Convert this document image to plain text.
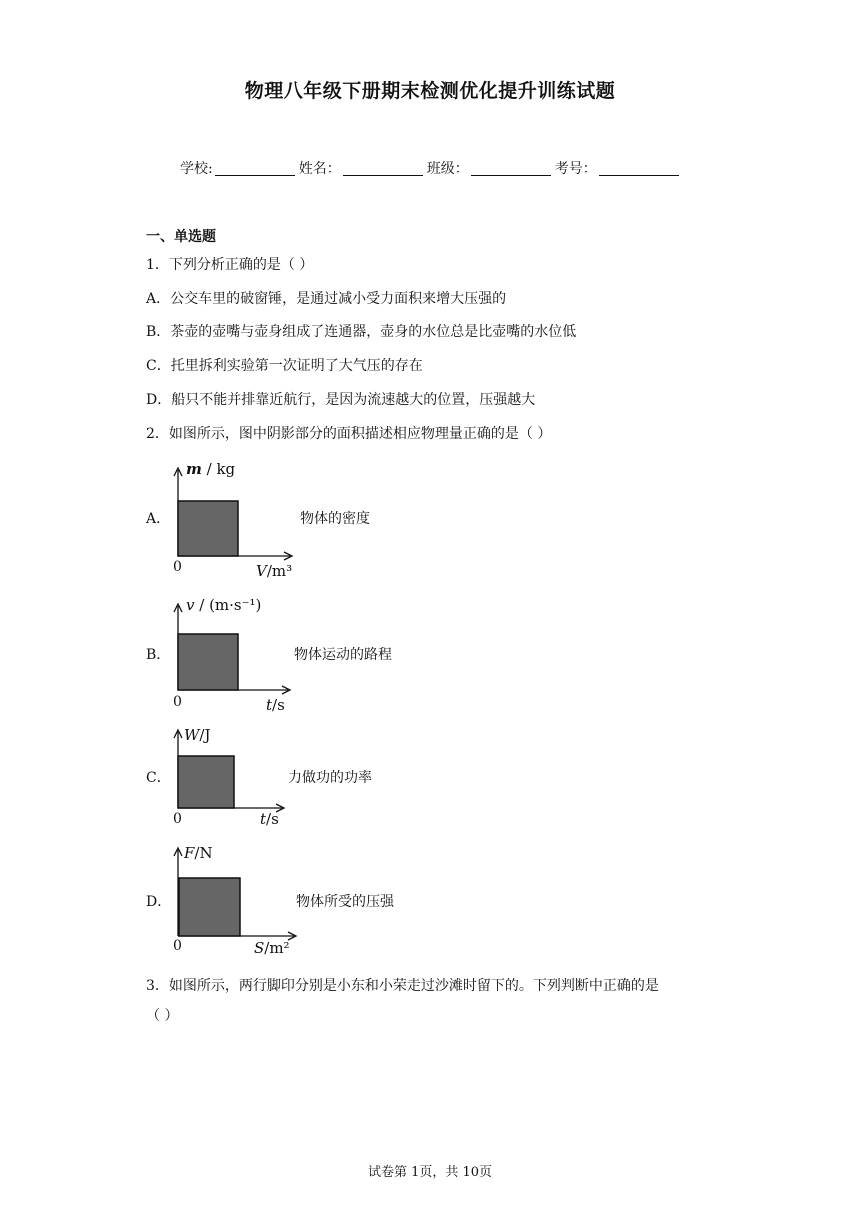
物理八年级下册期末检测优化提升训练试题
学校:	姓名：	班级：	考号：
一、单选题
1．下列分析正确的是（ ）
A．公交车里的破窗锤，是通过减小受力面积来增大压强的
B．茶壶的壶嘴与壶身组成了连通器，壶身的水位总是比壶嘴的水位低
C．托里拆利实验第一次证明了大气压的存在
D．船只不能并排靠近航行，是因为流速越大的位置，压强越大
2．如图所示，图中阴影部分的面积描述相应物理量正确的是（ ）
A．
m / kg
0	V/m³
物体的密度
B．
v / (m·s⁻¹)
0	t/s
物体运动的路程
C．
W/J
0	t/s
力做功的功率
D．
F/N
0	S/m²
物体所受的压强
3．如图所示，两行脚印分别是小东和小荣走过沙滩时留下的。下列判断中正确的是
（ ）
试卷第 1页，共 10页
